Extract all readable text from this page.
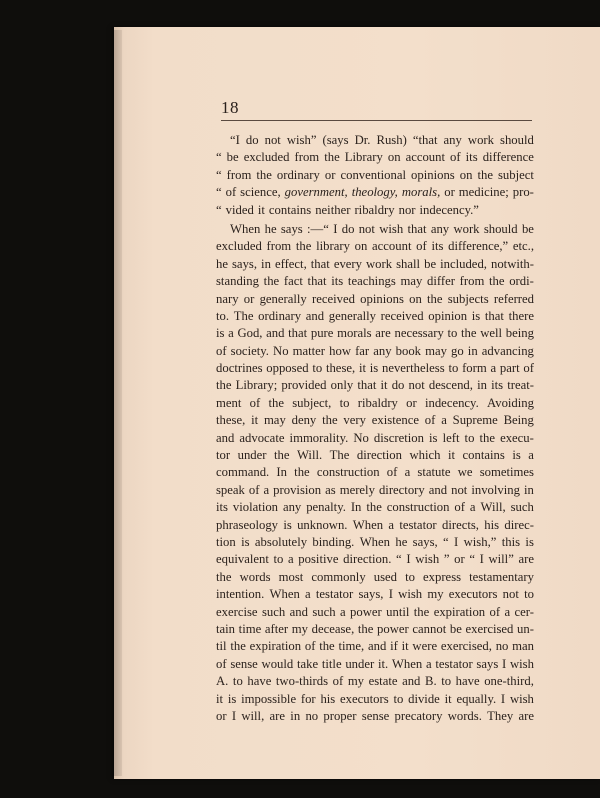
18
“I do not wish” (says Dr. Rush) “that any work should
“ be excluded from the Library on account of its difference
“ from the ordinary or conventional opinions on the subject
“ of science, government, theology, morals, or medicine; pro-
“ vided it contains neither ribaldry nor indecency.”
When he says :—“ I do not wish that any work should be
excluded from the library on account of its difference,” etc.,
he says, in effect, that every work shall be included, notwith-
standing the fact that its teachings may differ from the ordi-
nary or generally received opinions on the subjects referred
to. The ordinary and generally received opinion is that there
is a God, and that pure morals are necessary to the well being
of society. No matter how far any book may go in advancing
doctrines opposed to these, it is nevertheless to form a part of
the Library; provided only that it do not descend, in its treat-
ment of the subject, to ribaldry or indecency. Avoiding
these, it may deny the very existence of a Supreme Being
and advocate immorality. No discretion is left to the execu-
tor under the Will. The direction which it contains is a
command. In the construction of a statute we sometimes
speak of a provision as merely directory and not involving in
its violation any penalty. In the construction of a Will, such
phraseology is unknown. When a testator directs, his direc-
tion is absolutely binding. When he says, “ I wish,” this is
equivalent to a positive direction. “ I wish ” or “ I will” are
the words most commonly used to express testamentary
intention. When a testator says, I wish my executors not to
exercise such and such a power until the expiration of a cer-
tain time after my decease, the power cannot be exercised un-
til the expiration of the time, and if it were exercised, no man
of sense would take title under it. When a testator says I wish
A. to have two-thirds of my estate and B. to have one-third,
it is impossible for his executors to divide it equally. I wish
or I will, are in no proper sense precatory words. They are
